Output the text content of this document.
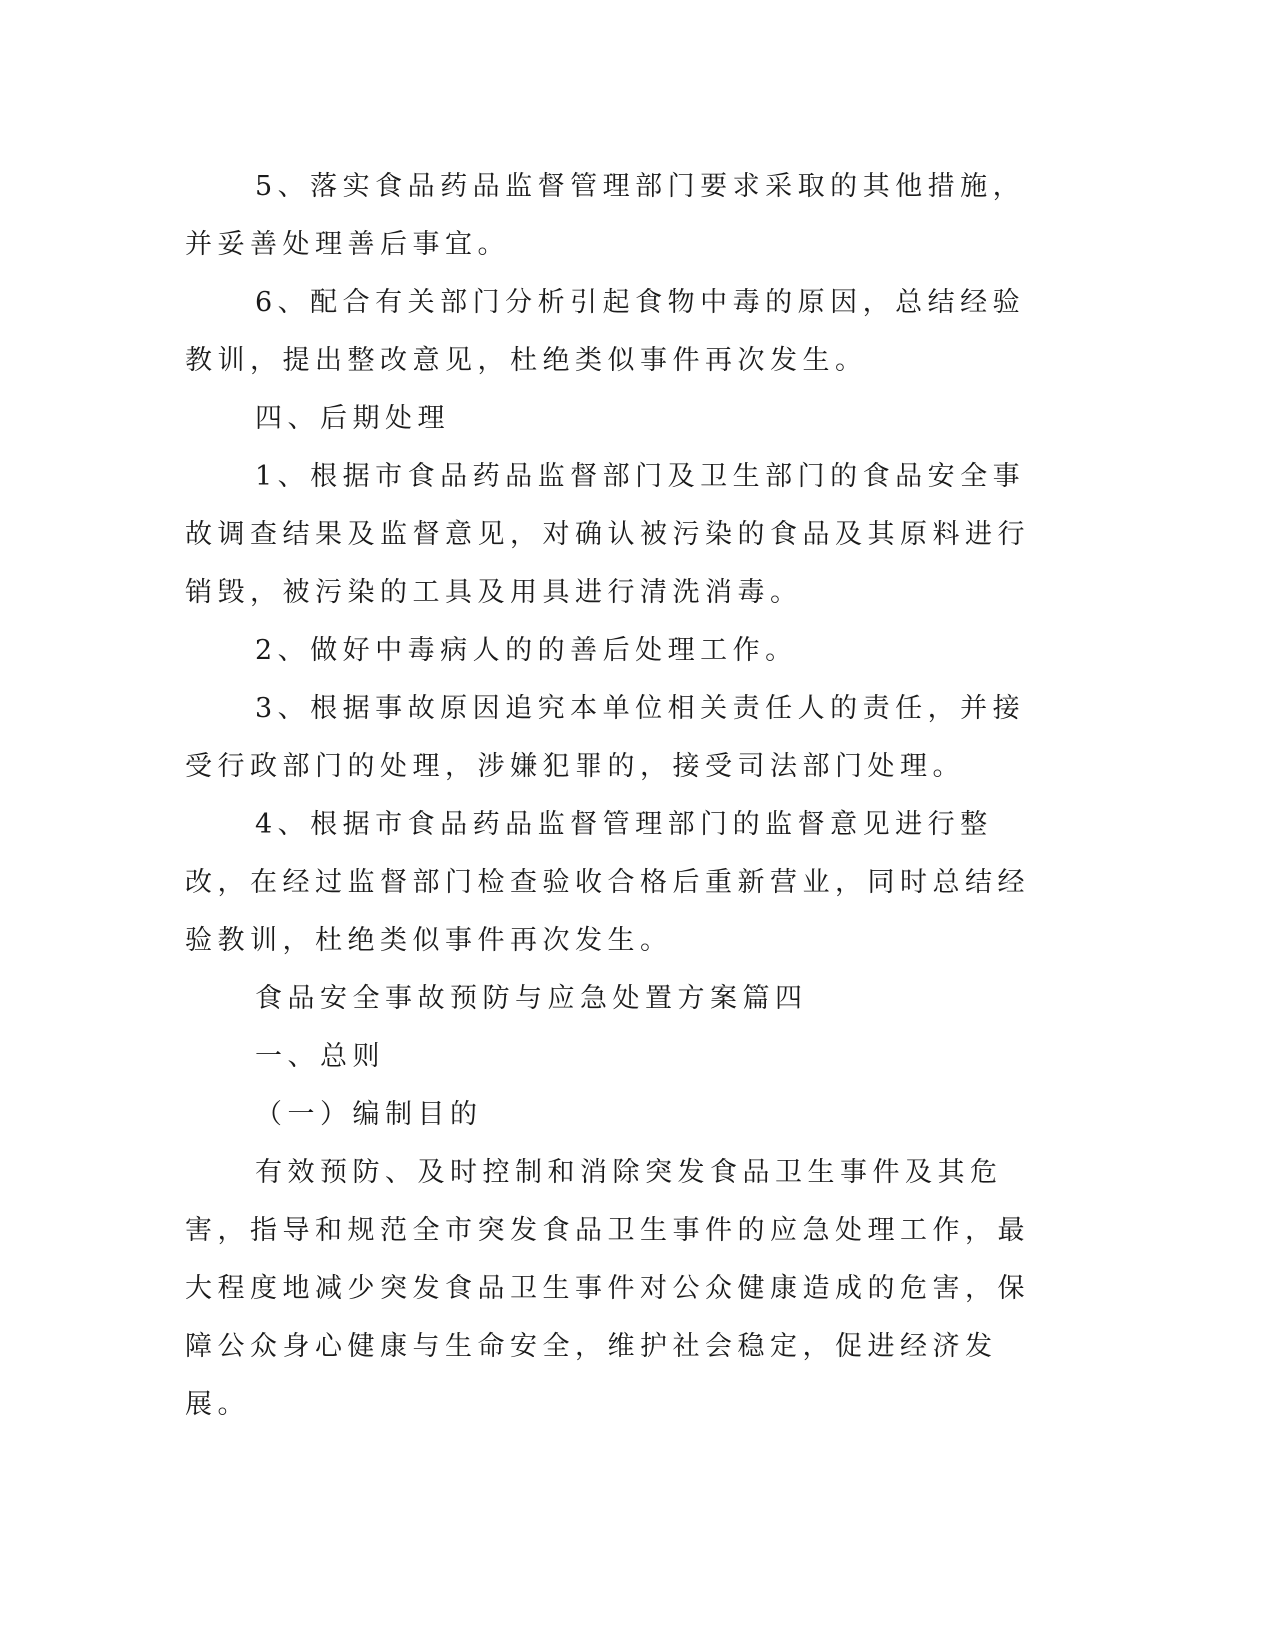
5、落实食品药品监督管理部门要求采取的其他措施，并妥善处理善后事宜。

6、配合有关部门分析引起食物中毒的原因，总结经验教训，提出整改意见，杜绝类似事件再次发生。

四、后期处理

1、根据市食品药品监督部门及卫生部门的食品安全事故调查结果及监督意见，对确认被污染的食品及其原料进行销毁，被污染的工具及用具进行清洗消毒。

2、做好中毒病人的的善后处理工作。

3、根据事故原因追究本单位相关责任人的责任，并接受行政部门的处理，涉嫌犯罪的，接受司法部门处理。

4、根据市食品药品监督管理部门的监督意见进行整改，在经过监督部门检查验收合格后重新营业，同时总结经验教训，杜绝类似事件再次发生。

食品安全事故预防与应急处置方案篇四

一、总则

（一）编制目的

有效预防、及时控制和消除突发食品卫生事件及其危害，指导和规范全市突发食品卫生事件的应急处理工作，最大程度地减少突发食品卫生事件对公众健康造成的危害，保障公众身心健康与生命安全，维护社会稳定，促进经济发展。
